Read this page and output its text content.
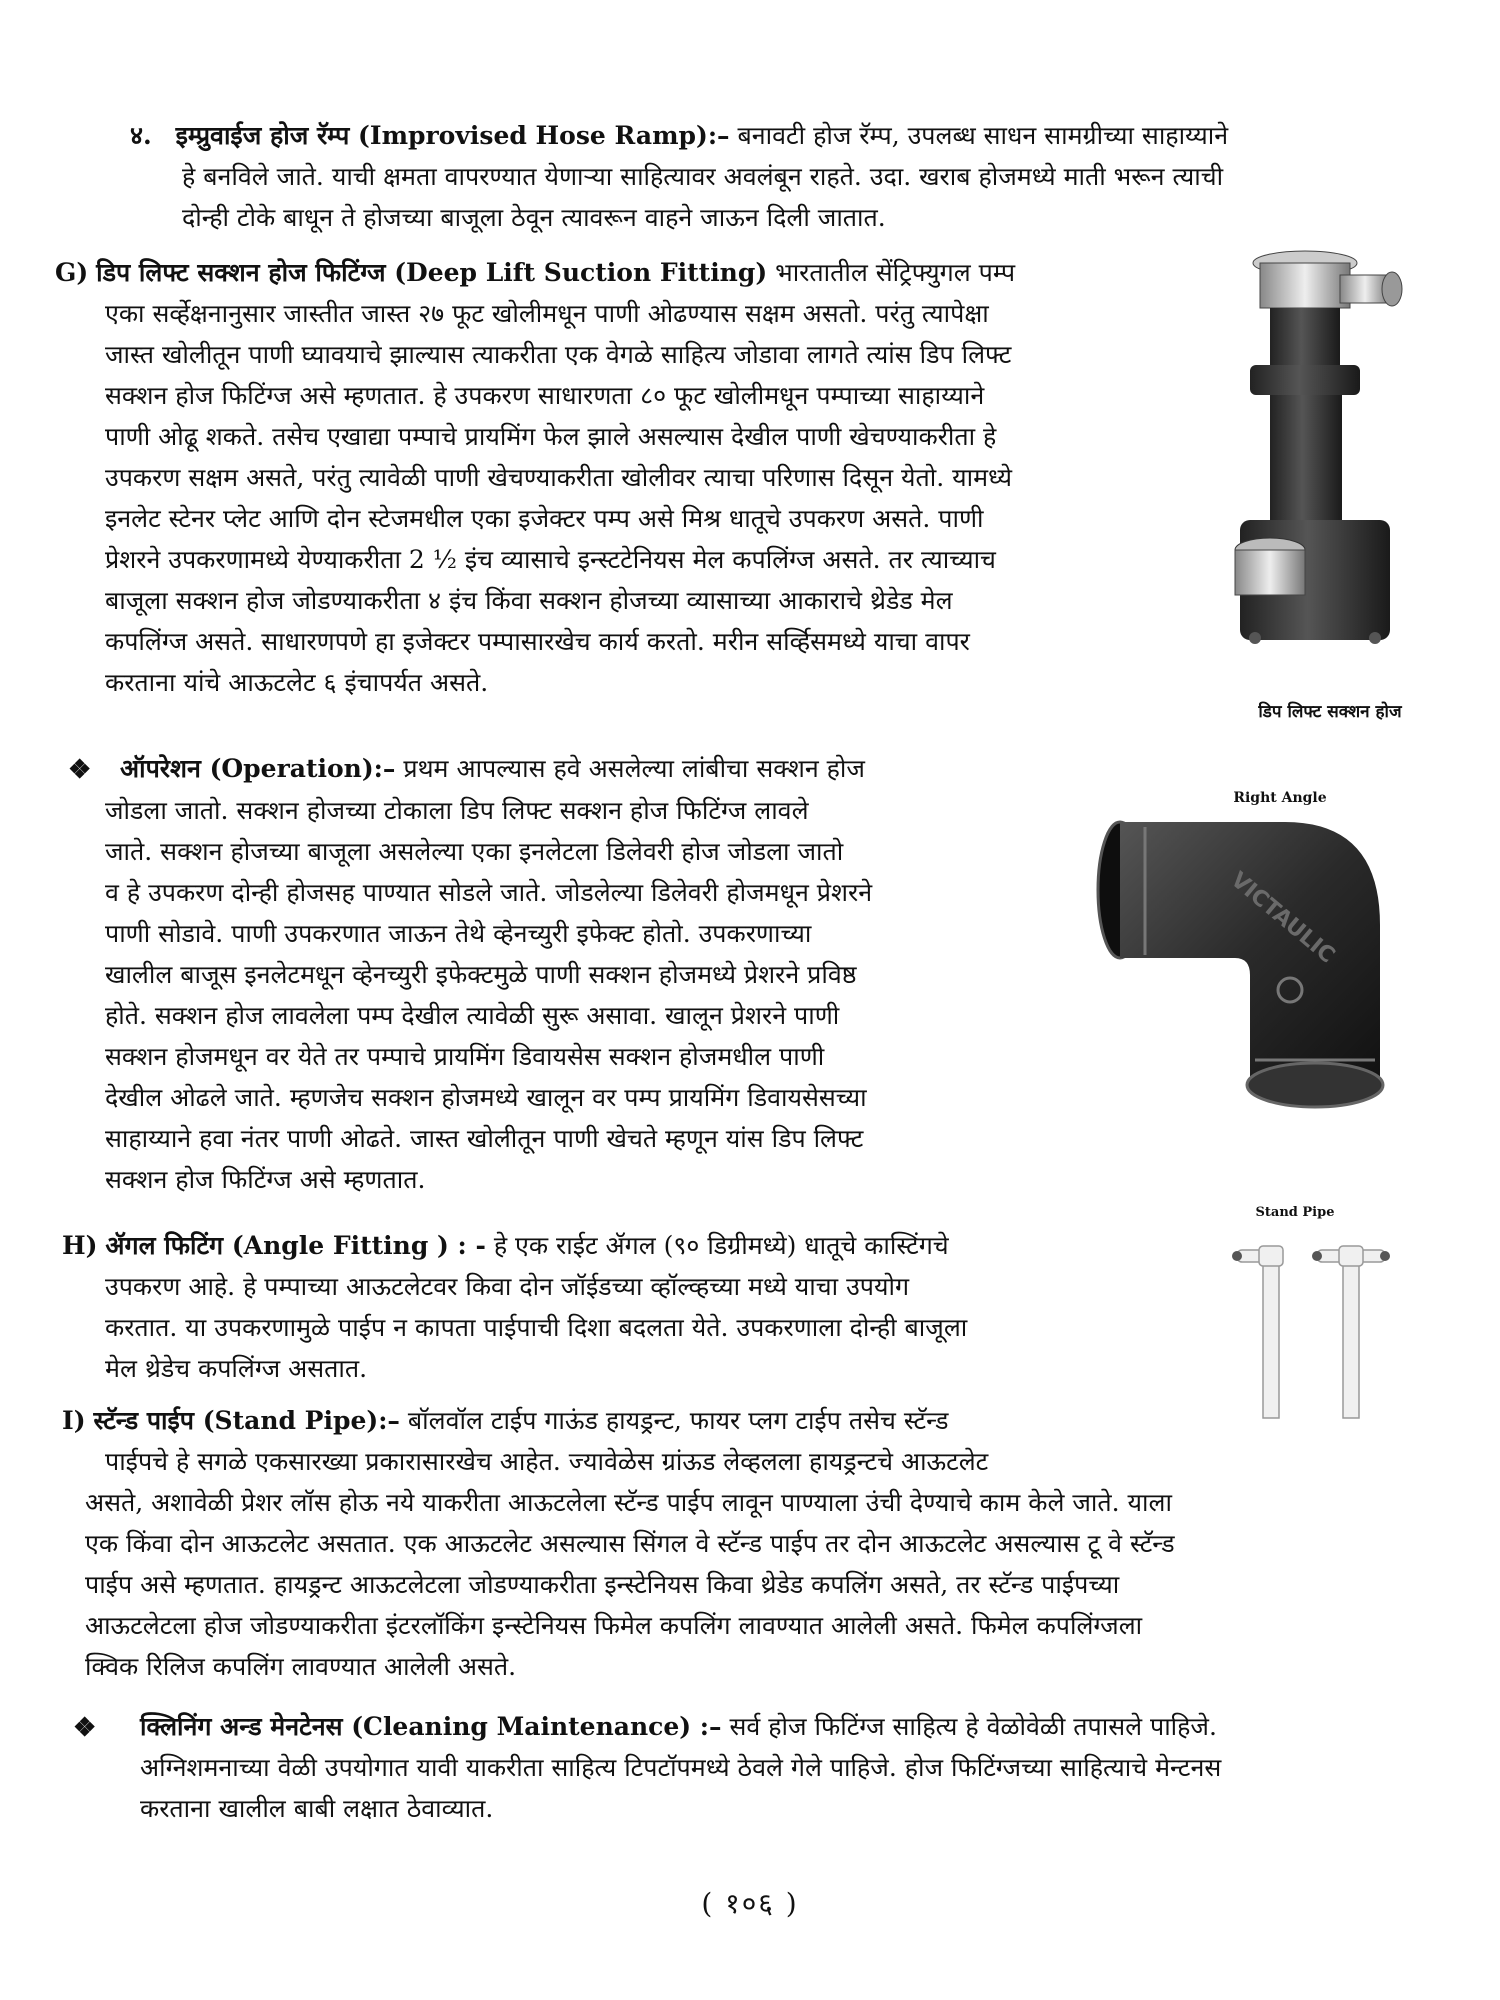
४. इम्प्रुवाईज होज रॅम्प (Improvised Hose Ramp):– बनावटी होज रॅम्प, उपलब्ध साधन सामग्रीच्या साहाय्याने

हे बनविले जाते. याची क्षमता वापरण्यात येणाऱ्या साहित्यावर अवलंबून राहते. उदा. खराब होजमध्ये माती भरून त्याची

दोन्ही टोके बाधून ते होजच्या बाजूला ठेवून त्यावरून वाहने जाऊन दिली जातात.

G) डिप लिफ्ट सक्शन होज फिटिंग्ज (Deep Lift Suction Fitting) भारतातील सेंट्रिफ्युगल पम्प

एका सर्व्हेक्षनानुसार जास्तीत जास्त २७ फूट खोलीमधून पाणी ओढण्यास सक्षम असतो. परंतु त्यापेक्षा

जास्त खोलीतून पाणी घ्यावयाचे झाल्यास त्याकरीता एक वेगळे साहित्य जोडावा लागते त्यांस डिप लिफ्ट

सक्शन होज फिटिंग्ज असे म्हणतात. हे उपकरण साधारणता ८० फूट खोलीमधून पम्पाच्या साहाय्याने

पाणी ओढू शकते. तसेच एखाद्या पम्पाचे प्रायमिंग फेल झाले असल्यास देखील पाणी खेचण्याकरीता हे

उपकरण सक्षम असते, परंतु त्यावेळी पाणी खेचण्याकरीता खोलीवर त्याचा परिणास दिसून येतो. यामध्ये

इनलेट स्टेनर प्लेट आणि दोन स्टेजमधील एका इजेक्टर पम्प असे मिश्र धातूचे उपकरण असते. पाणी

प्रेशरने उपकरणामध्ये येण्याकरीता 2 ½ इंच व्यासाचे इन्स्टटेनियस मेल कपलिंग्ज असते. तर त्याच्याच

बाजूला सक्शन होज जोडण्याकरीता ४ इंच किंवा सक्शन होजच्या व्यासाच्या आकाराचे थ्रेडेड मेल

कपलिंग्ज असते. साधारणपणे हा इजेक्टर पम्पासारखेच कार्य करतो. मरीन सर्व्हिसमध्ये याचा वापर

करताना यांचे आऊटलेट ६ इंचापर्यत असते.

डिप लिफ्ट सक्शन होज
❖ ऑपरेशन (Operation):– प्रथम आपल्यास हवे असलेल्या लांबीचा सक्शन होज

जोडला जातो. सक्शन होजच्या टोकाला डिप लिफ्ट सक्शन होज फिटिंग्ज लावले

जाते. सक्शन होजच्या बाजूला असलेल्या एका इनलेटला डिलेवरी होज जोडला जातो

व हे उपकरण दोन्ही होजसह पाण्यात सोडले जाते. जोडलेल्या डिलेवरी होजमधून प्रेशरने

पाणी सोडावे. पाणी उपकरणात जाऊन तेथे व्हेनच्युरी इफेक्ट होतो. उपकरणाच्या

खालील बाजूस इनलेटमधून व्हेनच्युरी इफेक्टमुळे पाणी सक्शन होजमध्ये प्रेशरने प्रविष्ठ

होते. सक्शन होज लावलेला पम्प देखील त्यावेळी सुरू असावा. खालून प्रेशरने पाणी

सक्शन होजमधून वर येते तर पम्पाचे प्रायमिंग डिवायसेस सक्शन होजमधील पाणी

देखील ओढले जाते. म्हणजेच सक्शन होजमध्ये खालून वर पम्प प्रायमिंग डिवायसेसच्या

साहाय्याने हवा नंतर पाणी ओढते. जास्त खोलीतून पाणी खेचते म्हणून यांस डिप लिफ्ट

सक्शन होज फिटिंग्ज असे म्हणतात.

Right Angle
VICTAULIC

H) ॲगल फिटिंग (Angle Fitting ) : - हे एक राईट ॲगल (९० डिग्रीमध्ये) धातूचे कास्टिंगचे

उपकरण आहे. हे पम्पाच्या आऊटलेटवर किवा दोन जॉईडच्या व्हॉल्व्हच्या मध्ये याचा उपयोग

करतात. या उपकरणामुळे पाईप न कापता पाईपाची दिशा बदलता येते. उपकरणाला दोन्ही बाजूला

मेल थ्रेडेच कपलिंग्ज असतात.

Stand Pipe

I) स्टॅन्ड पाईप (Stand Pipe):– बॉलवॉल टाईप गाऊंड हायड्रन्ट, फायर प्लग टाईप तसेच स्टॅन्ड

पाईपचे हे सगळे एकसारख्या प्रकारासारखेच आहेत. ज्यावेळेस ग्रांऊड लेव्हलला हायड्रन्टचे आऊटलेट

असते, अशावेळी प्रेशर लॉस होऊ नये याकरीता आऊटलेला स्टॅन्ड पाईप लावून पाण्याला उंची देण्याचे काम केले जाते. याला

एक किंवा दोन आऊटलेट असतात. एक आऊटलेट असल्यास सिंगल वे स्टॅन्ड पाईप तर दोन आऊटलेट असल्यास टू वे स्टॅन्ड

पाईप असे म्हणतात. हायड्रन्ट आऊटलेटला जोडण्याकरीता इन्स्टेनियस किवा थ्रेडेड कपलिंग असते, तर स्टॅन्ड पाईपच्या

आऊटलेटला होज जोडण्याकरीता इंटरलॉकिंग इन्स्टेनियस फिमेल कपलिंग लावण्यात आलेली असते. फिमेल कपलिंग्जला

क्विक रिलिज कपलिंग लावण्यात आलेली असते.

❖ क्लिनिंग अन्ड मेनटेनस (Cleaning Maintenance) :– सर्व होज फिटिंग्ज साहित्य हे वेळोवेळी तपासले पाहिजे.

अग्निशमनाच्या वेळी उपयोगात यावी याकरीता साहित्य टिपटॉपमध्ये ठेवले गेले पाहिजे. होज फिटिंग्जच्या साहित्याचे मेन्टनस

करताना खालील बाबी लक्षात ठेवाव्यात.

( १०६ )
